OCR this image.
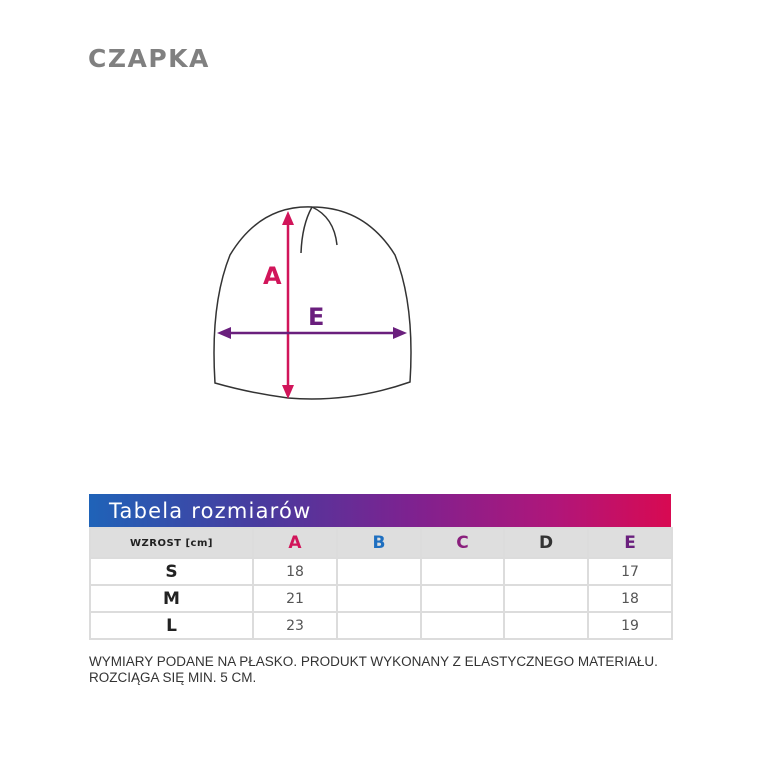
CZAPKA
A
E
Tabela rozmiarów
WZROST [cm]	A	B	C	D	E
S	18				17
M	21				18
L	23				19
WYMIARY PODANE NA PŁASKO. PRODUKT WYKONANY Z ELASTYCZNEGO MATERIAŁU.
ROZCIĄGA SIĘ MIN. 5 CM.
